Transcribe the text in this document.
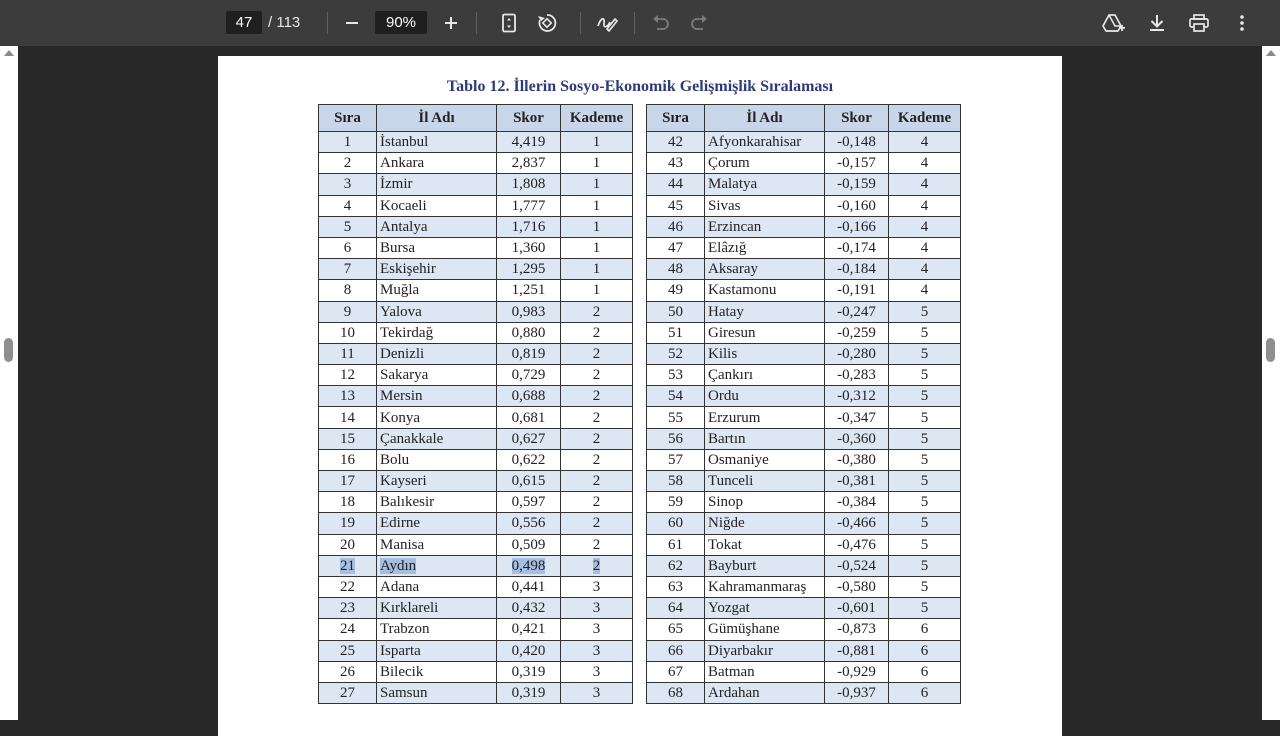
47	/ 113	90%
Tablo 12. İllerin Sosyo-Ekonomik Gelişmişlik Sıralaması
Sıra	İl Adı	Skor	Kademe
1	İstanbul	4,419	1
2	Ankara	2,837	1
3	İzmir	1,808	1
4	Kocaeli	1,777	1
5	Antalya	1,716	1
6	Bursa	1,360	1
7	Eskişehir	1,295	1
8	Muğla	1,251	1
9	Yalova	0,983	2
10	Tekirdağ	0,880	2
11	Denizli	0,819	2
12	Sakarya	0,729	2
13	Mersin	0,688	2
14	Konya	0,681	2
15	Çanakkale	0,627	2
16	Bolu	0,622	2
17	Kayseri	0,615	2
18	Balıkesir	0,597	2
19	Edirne	0,556	2
20	Manisa	0,509	2
21	Aydın	0,498	2
22	Adana	0,441	3
23	Kırklareli	0,432	3
24	Trabzon	0,421	3
25	Isparta	0,420	3
26	Bilecik	0,319	3
27	Samsun	0,319	3
Sıra	İl Adı	Skor	Kademe
42	Afyonkarahisar	-0,148	4
43	Çorum	-0,157	4
44	Malatya	-0,159	4
45	Sivas	-0,160	4
46	Erzincan	-0,166	4
47	Elâzığ	-0,174	4
48	Aksaray	-0,184	4
49	Kastamonu	-0,191	4
50	Hatay	-0,247	5
51	Giresun	-0,259	5
52	Kilis	-0,280	5
53	Çankırı	-0,283	5
54	Ordu	-0,312	5
55	Erzurum	-0,347	5
56	Bartın	-0,360	5
57	Osmaniye	-0,380	5
58	Tunceli	-0,381	5
59	Sinop	-0,384	5
60	Niğde	-0,466	5
61	Tokat	-0,476	5
62	Bayburt	-0,524	5
63	Kahramanmaraş	-0,580	5
64	Yozgat	-0,601	5
65	Gümüşhane	-0,873	6
66	Diyarbakır	-0,881	6
67	Batman	-0,929	6
68	Ardahan	-0,937	6
